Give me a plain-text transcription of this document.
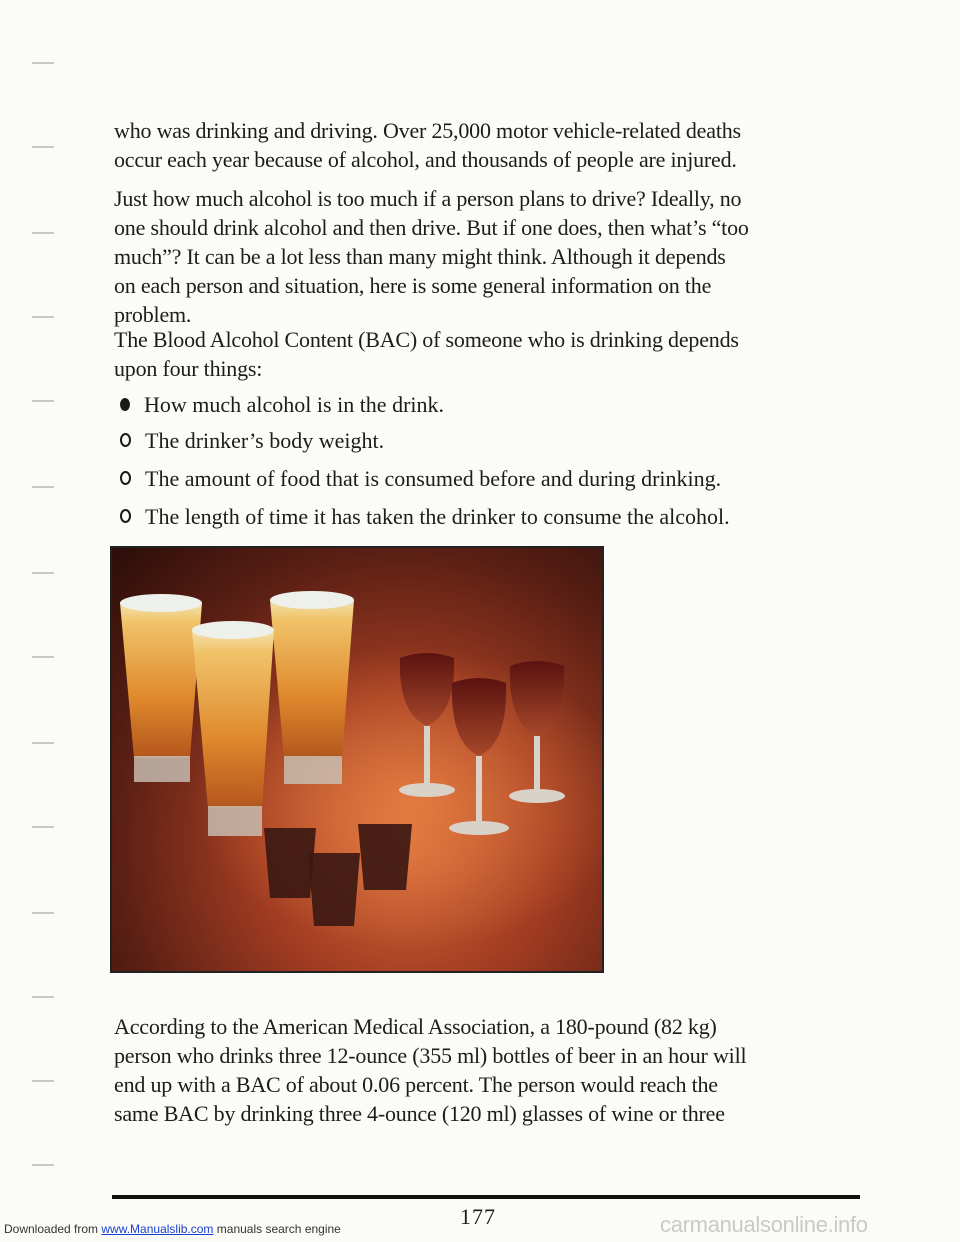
who was drinking and driving. Over 25,000 motor vehicle-related deaths

occur each year because of alcohol, and thousands of people are injured.

Just how much alcohol is too much if a person plans to drive? Ideally, no

one should drink alcohol and then drive. But if one does, then what’s “too

much”? It can be a lot less than many might think. Although it depends

on each person and situation, here is some general information on the

problem.

The Blood Alcohol Content (BAC) of someone who is drinking depends

upon four things:

How much alcohol is in the drink.
The drinker’s body weight.
The amount of food that is consumed before and during drinking.
The length of time it has taken the drinker to consume the alcohol.

According to the American Medical Association, a 180-pound (82 kg)

person who drinks three 12-ounce (355 ml) bottles of beer in an hour will

end up with a BAC of about 0.06 percent. The person would reach the

same BAC by drinking three 4-ounce (120 ml) glasses of wine or three

177
Downloaded from www.Manualslib.com manuals search engine	carmanualsonline.info
